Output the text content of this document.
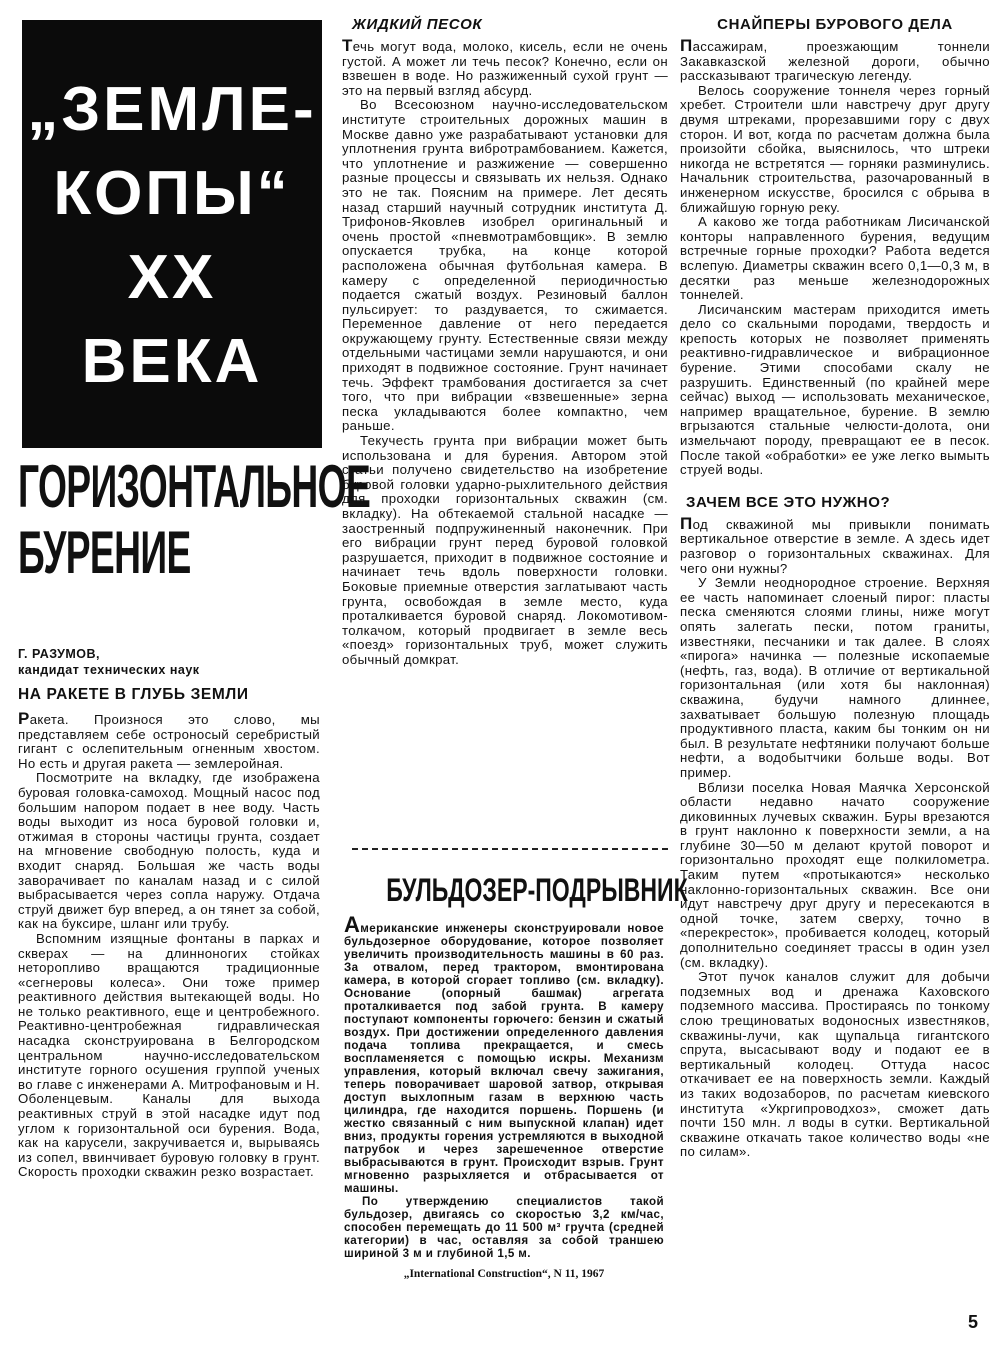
„ЗЕМЛЕ-
КОПЫ“
XX
ВЕКА
ГОРИЗОНТАЛЬНОЕ
БУРЕНИЕ
Г. РАЗУМОВ,
кандидат технических наук
НА РАКЕТЕ В ГЛУБЬ ЗЕМЛИ

Ракета. Произнося это слово, мы представляем себе остроносый серебристый гигант с ослепительным огненным хвостом. Но есть и другая ракета — землеройная.

Посмотрите на вкладку, где изображена буровая головка-самоход. Мощный насос под большим напором подает в нее воду. Часть воды выходит из носа буровой головки и, отжимая в стороны частицы грунта, создает на мгновение свободную полость, куда и входит снаряд. Большая же часть воды заворачивает по каналам назад и с силой выбрасывается через сопла наружу. Отдача струй движет бур вперед, а он тянет за собой, как на буксире, шланг или трубу.

Вспомним изящные фонтаны в парках и скверах — на длинноногих стойках неторопливо вращаются традиционные «сегнеровы колеса». Они тоже пример реактивного действия вытекающей воды. Но не только реактивного, еще и центробежного. Реактивно-центробежная гидравлическая насадка сконструирована в Белгородском центральном научно-исследовательском институте горного осушения группой ученых во главе с инженерами А. Митрофановым и Н. Оболенцевым. Каналы для выхода реактивных струй в этой насадке идут под углом к горизонтальной оси бурения. Вода, как на карусели, закручивается и, вырываясь из сопел, ввинчивает буровую головку в грунт. Скорость проходки скважин резко возрастает.

ЖИДКИЙ ПЕСОК

Течь могут вода, молоко, кисель, если не очень густой. А может ли течь песок? Конечно, если он взвешен в воде. Но разжиженный сухой грунт — это на первый взгляд абсурд.

Во Всесоюзном научно-исследовательском институте строительных дорожных машин в Москве давно уже разрабатывают установки для уплотнения грунта вибротрамбованием. Кажется, что уплотнение и разжижение — совершенно разные процессы и связывать их нельзя. Однако это не так. Поясним на примере. Лет десять назад старший научный сотрудник института Д. Трифонов-Яковлев изобрел оригинальный и очень простой «пневмотрамбовщик». В землю опускается трубка, на конце которой расположена обычная футбольная камера. В камеру с определенной периодичностью подается сжатый воздух. Резиновый баллон пульсирует: то раздувается, то сжимается. Переменное давление от него передается окружающему грунту. Естественные связи между отдельными частицами земли нарушаются, и они приходят в подвижное состояние. Грунт начинает течь. Эффект трамбования достигается за счет того, что при вибрации «взвешенные» зерна песка укладываются более компактно, чем раньше.

Текучесть грунта при вибрации может быть использована и для бурения. Автором этой статьи получено свидетельство на изобретение буровой головки ударно-рыхлительного действия для проходки горизонтальных скважин (см. вкладку). На обтекаемой стальной насадке — заостренный подпружиненный наконечник. При его вибрации грунт перед буровой головкой разрушается, приходит в подвижное состояние и начинает течь вдоль поверхности головки. Боковые приемные отверстия заглатывают часть грунта, освобождая в земле место, куда проталкивается буровой снаряд. Локомотивом-толкачом, который продвигает в земле весь «поезд» горизонтальных труб, может служить обычный домкрат.

БУЛЬДОЗЕР-ПОДРЫВНИК

Американские инженеры сконструировали новое бульдозерное оборудование, которое позволяет увеличить производительность машины в 60 раз. За отвалом, перед трактором, вмонтирована камера, в которой сгорает топливо (см. вкладку). Основание (опорный башмак) агрегата проталкивается под забой грунта. В камеру поступают компоненты горючего: бензин и сжатый воздух. При достижении определенного давления подача топлива прекращается, и смесь воспламеняется с помощью искры. Механизм управления, который включал свечу зажигания, теперь поворачивает шаровой затвор, открывая доступ выхлопным газам в верхнюю часть цилиндра, где находится поршень. Поршень (и жестко связанный с ним выпускной клапан) идет вниз, продукты горения устремляются в выходной патрубок и через зарешеченное отверстие выбрасываются в грунт. Происходит взрыв. Грунт мгновенно разрыхляется и отбрасывается от машины.

По утверждению специалистов такой бульдозер, двигаясь со скоростью 3,2 км/час, способен перемещать до 11 500 м³ гручта (средней категории) в час, оставляя за собой траншею шириной 3 м и глубиной 1,5 м.

„International Construction“, N 11, 1967
СНАЙПЕРЫ БУРОВОГО ДЕЛА

Пассажирам, проезжающим тоннели Закавказской железной дороги, обычно рассказывают трагическую легенду.

Велось сооружение тоннеля через горный хребет. Строители шли навстречу друг другу двумя штреками, прорезавшими гору с двух сторон. И вот, когда по расчетам должна была произойти сбойка, выяснилось, что штреки никогда не встретятся — горняки разминулись. Начальник строительства, разочарованный в инженерном искусстве, бросился с обрыва в ближайшую горную реку.

А каково же тогда работникам Лисичанской конторы направленного бурения, ведущим встречные горные проходки? Работа ведется вслепую. Диаметры скважин всего 0,1—0,3 м, в десятки раз меньше железнодорожных тоннелей.

Лисичанским мастерам приходится иметь дело со скальными породами, твердость и крепость которых не позволяет применять реактивно-гидравлическое и вибрационное бурение. Этими способами скалу не разрушить. Единственный (по крайней мере сейчас) выход — использовать механическое, например вращательное, бурение. В землю вгрызаются стальные челюсти-долота, они измельчают породу, превращают ее в песок. После такой «обработки» ее уже легко вымыть струей воды.

ЗАЧЕМ ВСЕ ЭТО НУЖНО?

Под скважиной мы привыкли понимать вертикальное отверстие в земле. А здесь идет разговор о горизонтальных скважинах. Для чего они нужны?

У Земли неоднородное строение. Верхняя ее часть напоминает слоеный пирог: пласты песка сменяются слоями глины, ниже могут опять залегать пески, потом граниты, известняки, песчаники и так далее. В слоях «пирога» начинка — полезные ископаемые (нефть, газ, вода). В отличие от вертикальной горизонтальная (или хотя бы наклонная) скважина, будучи намного длиннее, захватывает большую полезную площадь продуктивного пласта, каким бы тонким он ни был. В результате нефтяники получают больше нефти, а водобытчики больше воды. Вот пример.

Вблизи поселка Новая Маячка Херсонской области недавно начато сооружение диковинных лучевых скважин. Буры врезаются в грунт наклонно к поверхности земли, а на глубине 30—50 м делают крутой поворот и горизонтально проходят еще полкилометра. Таким путем «протыкаются» несколько наклонно-горизонтальных скважин. Все они идут навстречу друг другу и пересекаются в одной точке, затем сверху, точно в «перекресток», пробивается колодец, который дополнительно соединяет трассы в один узел (см. вкладку).

Этот пучок каналов служит для добычи подземных вод и дренажа Каховского подземного массива. Простираясь по тонкому слою трещиноватых водоносных известняков, скважины-лучи, как щупальца гигантского спрута, высасывают воду и подают ее в вертикальный колодец. Оттуда насос откачивает ее на поверхность земли. Каждый из таких водозаборов, по расчетам киевского института «Укргипроводхоз», сможет дать почти 150 млн. л воды в сутки. Вертикальной скважине откачать такое количество воды «не по силам».

5
